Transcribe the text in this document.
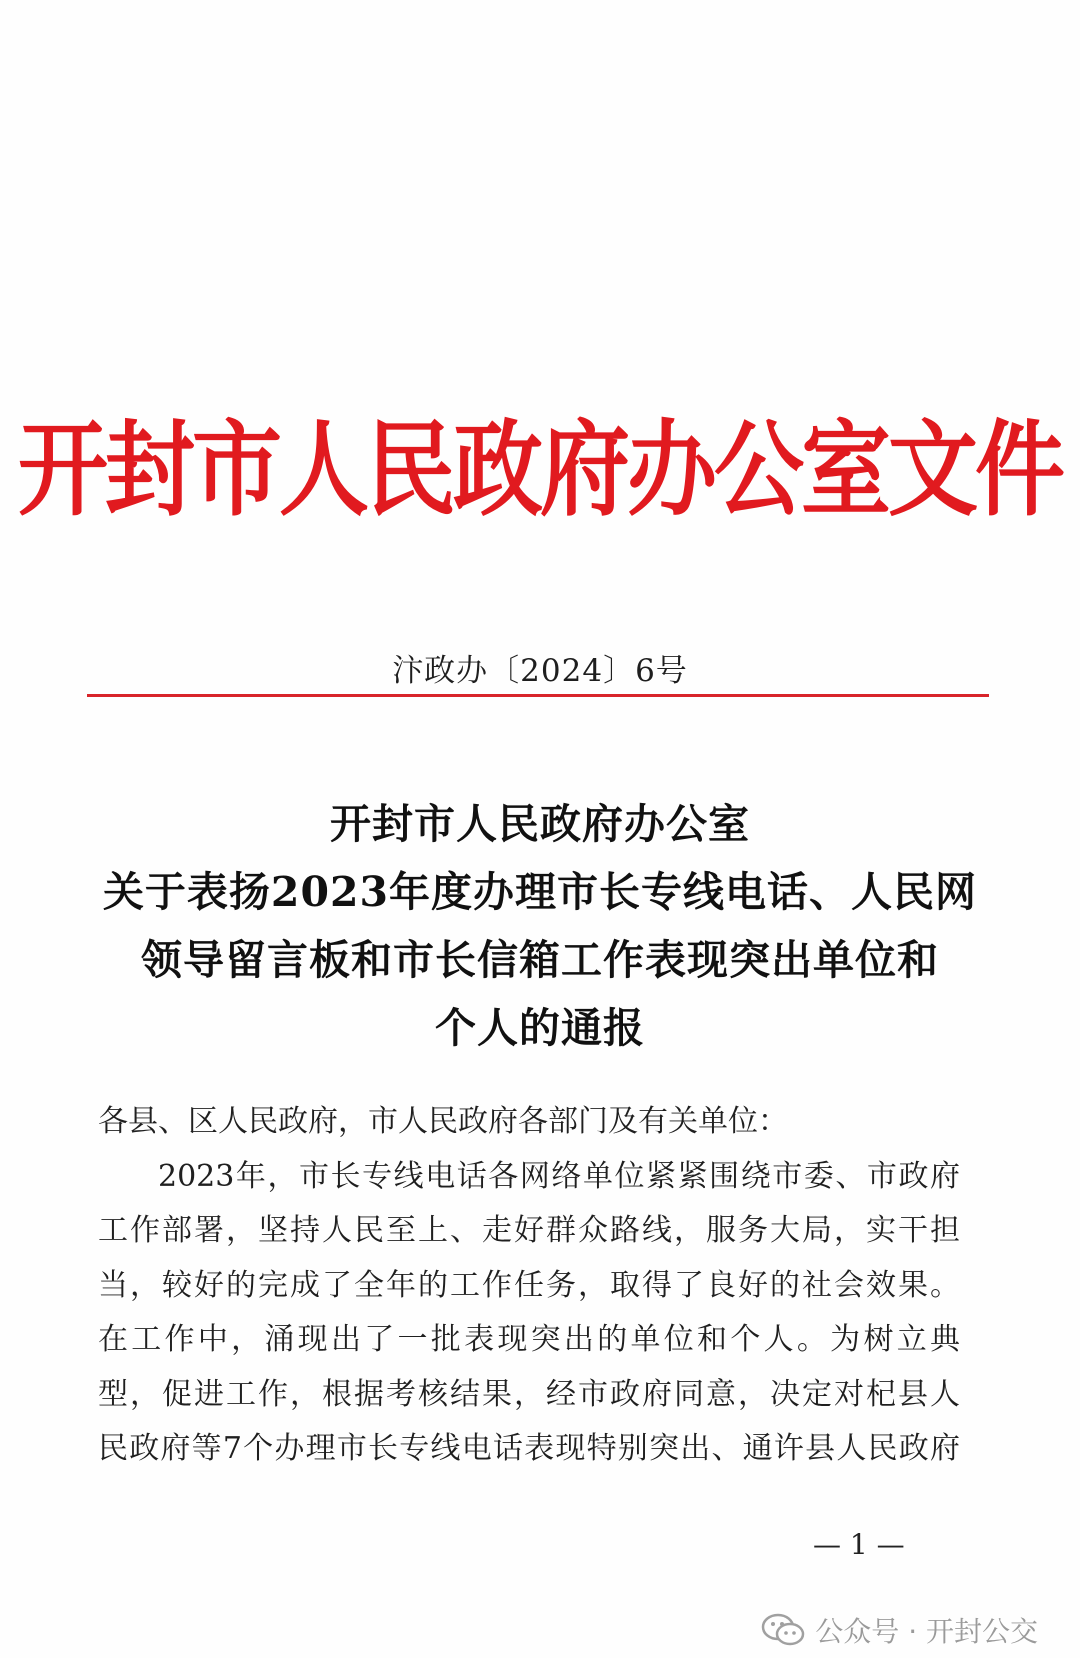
开封市人民政府办公室文件
汴政办〔2024〕6号
开封市人民政府办公室
关于表扬2023年度办理市长专线电话、人民网
领导留言板和市长信箱工作表现突出单位和
个人的通报
各县、区人民政府，市人民政府各部门及有关单位：
2023年，市长专线电话各网络单位紧紧围绕市委、市政府
工作部署，坚持人民至上、走好群众路线，服务大局，实干担
当，较好的完成了全年的工作任务，取得了良好的社会效果。
在工作中，涌现出了一批表现突出的单位和个人。为树立典
型，促进工作，根据考核结果，经市政府同意，决定对杞县人
民政府等7个办理市长专线电话表现特别突出、通许县人民政府
— 1 —
公众号 · 开封公交
